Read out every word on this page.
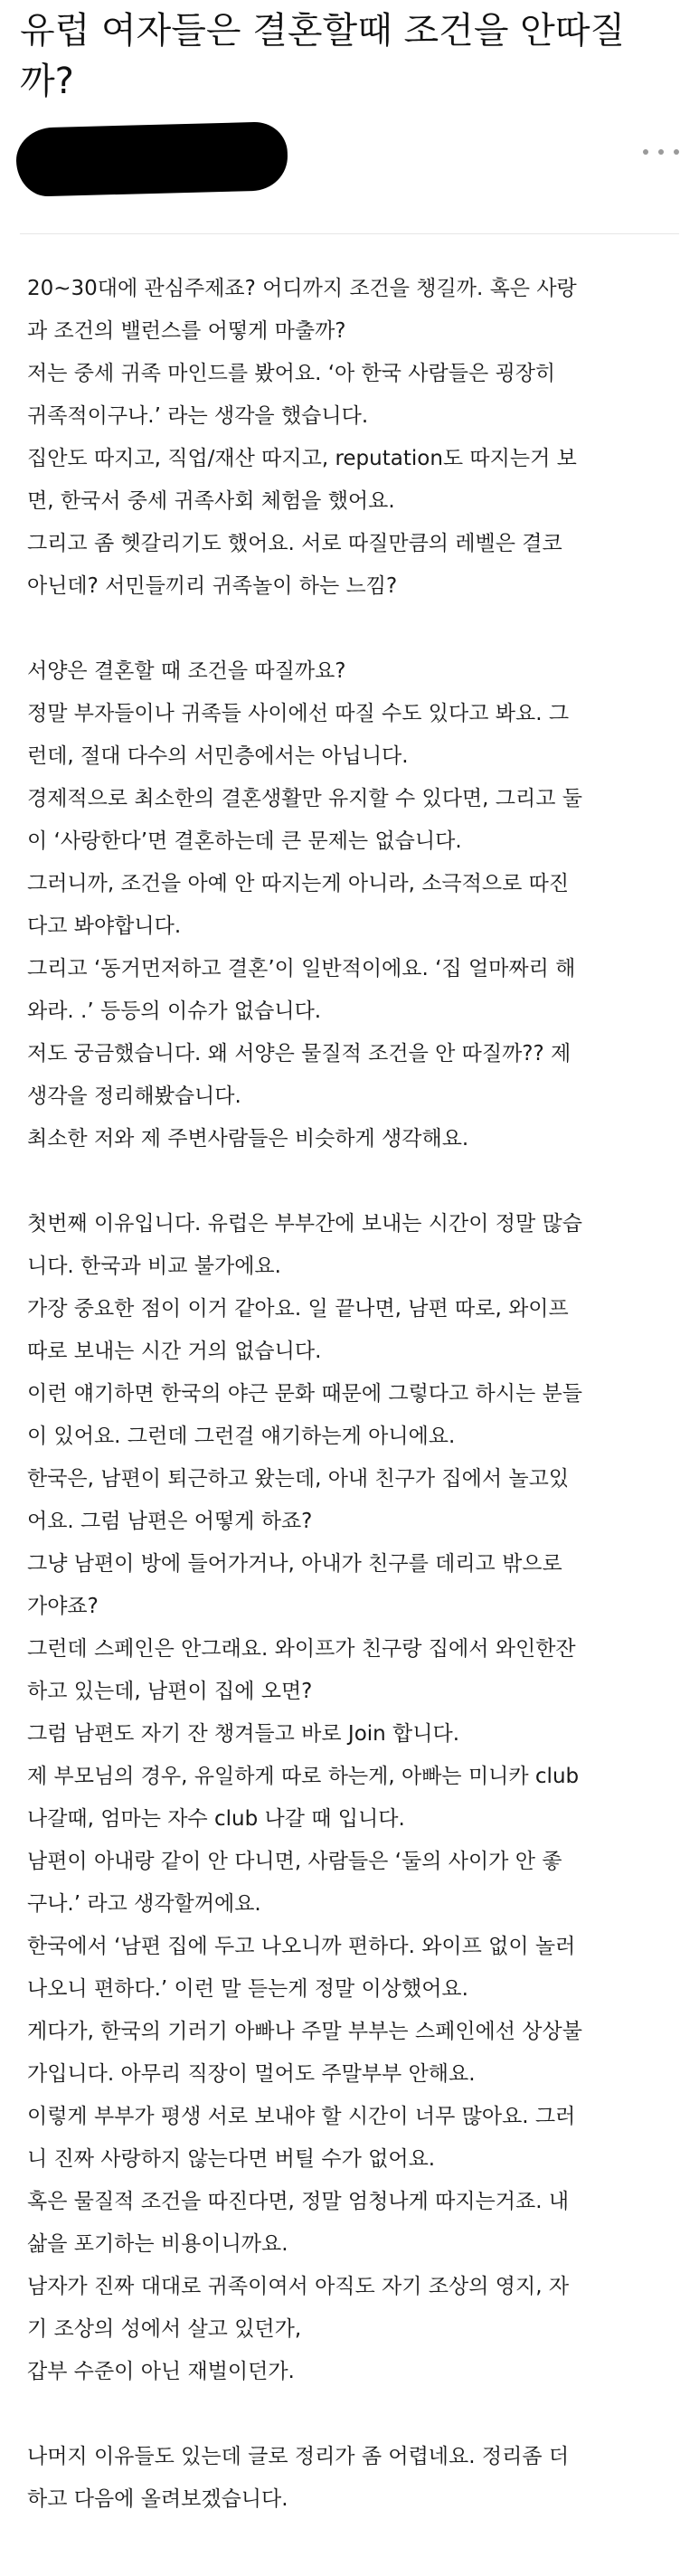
유럽 여자들은 결혼할때 조건을 안따질까?
20~30대에 관심주제죠? 어디까지 조건을 챙길까. 혹은 사랑
과 조건의 밸런스를 어떻게 마출까?
저는 중세 귀족 마인드를 봤어요. ‘아 한국 사람들은 굉장히
귀족적이구나.’ 라는 생각을 했습니다.
집안도 따지고, 직업/재산 따지고, reputation도 따지는거 보
면, 한국서 중세 귀족사회 체험을 했어요.
그리고 좀 헷갈리기도 했어요. 서로 따질만큼의 레벨은 결코
아닌데? 서민들끼리 귀족놀이 하는 느낌?
서양은 결혼할 때 조건을 따질까요?
정말 부자들이나 귀족들 사이에선 따질 수도 있다고 봐요. 그
런데, 절대 다수의 서민층에서는 아닙니다.
경제적으로 최소한의 결혼생활만 유지할 수 있다면, 그리고 둘
이 ‘사랑한다’면 결혼하는데 큰 문제는 없습니다.
그러니까, 조건을 아예 안 따지는게 아니라, 소극적으로 따진
다고 봐야합니다.
그리고 ‘동거먼저하고 결혼’이 일반적이에요. ‘집 얼마짜리 해
와라. .’ 등등의 이슈가 없습니다.
저도 궁금했습니다. 왜 서양은 물질적 조건을 안 따질까?? 제
생각을 정리해봤습니다.
최소한 저와 제 주변사람들은 비슷하게 생각해요.
첫번째 이유입니다. 유럽은 부부간에 보내는 시간이 정말 많습
니다. 한국과 비교 불가에요.
가장 중요한 점이 이거 같아요. 일 끝나면, 남편 따로, 와이프
따로 보내는 시간 거의 없습니다.
이런 얘기하면 한국의 야근 문화 때문에 그렇다고 하시는 분들
이 있어요. 그런데 그런걸 얘기하는게 아니에요.
한국은, 남편이 퇴근하고 왔는데, 아내 친구가 집에서 놀고있
어요. 그럼 남편은 어떻게 하죠?
그냥 남편이 방에 들어가거나, 아내가 친구를 데리고 밖으로
가야죠?
그런데 스페인은 안그래요. 와이프가 친구랑 집에서 와인한잔
하고 있는데, 남편이 집에 오면?
그럼 남편도 자기 잔 챙겨들고 바로 Join 합니다.
제 부모님의 경우, 유일하게 따로 하는게, 아빠는 미니카 club
나갈때, 엄마는 자수 club 나갈 때 입니다.
남편이 아내랑 같이 안 다니면, 사람들은 ‘둘의 사이가 안 좋
구나.’ 라고 생각할꺼에요.
한국에서 ‘남편 집에 두고 나오니까 편하다. 와이프 없이 놀러
나오니 편하다.’ 이런 말 듣는게 정말 이상했어요.
게다가, 한국의 기러기 아빠나 주말 부부는 스페인에선 상상불
가입니다. 아무리 직장이 멀어도 주말부부 안해요.
이렇게 부부가 평생 서로 보내야 할 시간이 너무 많아요. 그러
니 진짜 사랑하지 않는다면 버틸 수가 없어요.
혹은 물질적 조건을 따진다면, 정말 엄청나게 따지는거죠. 내
삶을 포기하는 비용이니까요.
남자가 진짜 대대로 귀족이여서 아직도 자기 조상의 영지, 자
기 조상의 성에서 살고 있던가,
갑부 수준이 아닌 재벌이던가.
나머지 이유들도 있는데 글로 정리가 좀 어렵네요. 정리좀 더
하고 다음에 올려보겠습니다.
